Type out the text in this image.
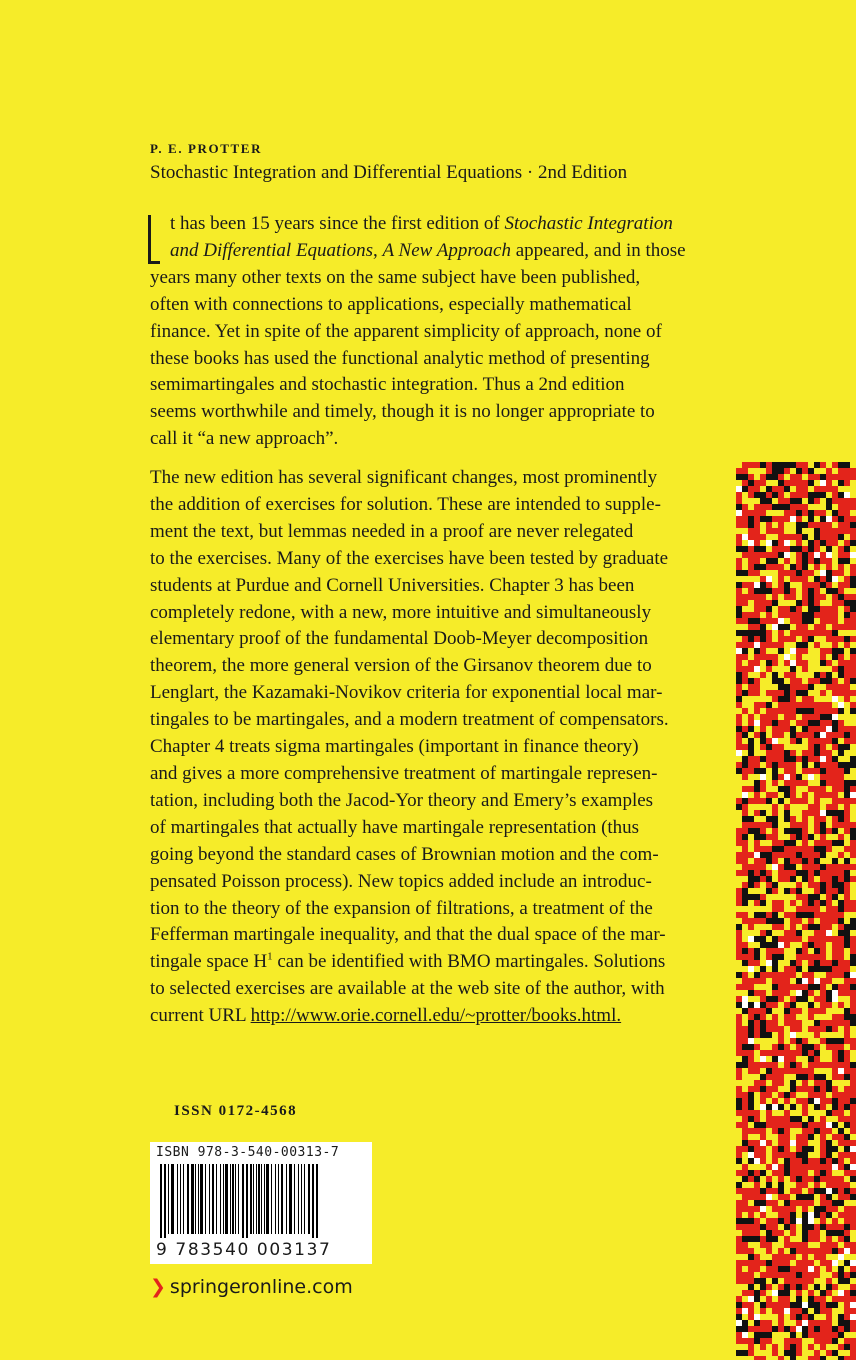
P. E. PROTTER
Stochastic Integration and Differential Equations · 2nd Edition
t has been 15 years since the first edition of Stochastic Integration
and Differential Equations, A New Approach appeared, and in those
years many other texts on the same subject have been published,
often with connections to applications, especially mathematical
finance. Yet in spite of the apparent simplicity of approach, none of
these books has used the functional analytic method of presenting
semimartingales and stochastic integration. Thus a 2nd edition
seems worthwhile and timely, though it is no longer appropriate to
call it “a new approach”.
The new edition has several significant changes, most prominently
the addition of exercises for solution. These are intended to supple-
ment the text, but lemmas needed in a proof are never relegated
to the exercises. Many of the exercises have been tested by graduate
students at Purdue and Cornell Universities. Chapter 3 has been
completely redone, with a new, more intuitive and simultaneously
elementary proof of the fundamental Doob-Meyer decomposition
theorem, the more general version of the Girsanov theorem due to
Lenglart, the Kazamaki-Novikov criteria for exponential local mar-
tingales to be martingales, and a modern treatment of compensators.
Chapter 4 treats sigma martingales (important in finance theory)
and gives a more comprehensive treatment of martingale represen-
tation, including both the Jacod-Yor theory and Emery’s examples
of martingales that actually have martingale representation (thus
going beyond the standard cases of Brownian motion and the com-
pensated Poisson process). New topics added include an introduc-
tion to the theory of the expansion of filtrations, a treatment of the
Fefferman martingale inequality, and that the dual space of the mar-
tingale space $H^1$ can be identified with BMO martingales. Solutions
to selected exercises are available at the web site of the author, with
current URL http://www.orie.cornell.edu/~protter/books.html.
ISSN 0172-4568
ISBN 978-3-540-00313-7
9 783540 003137
❯ springeronline.com
